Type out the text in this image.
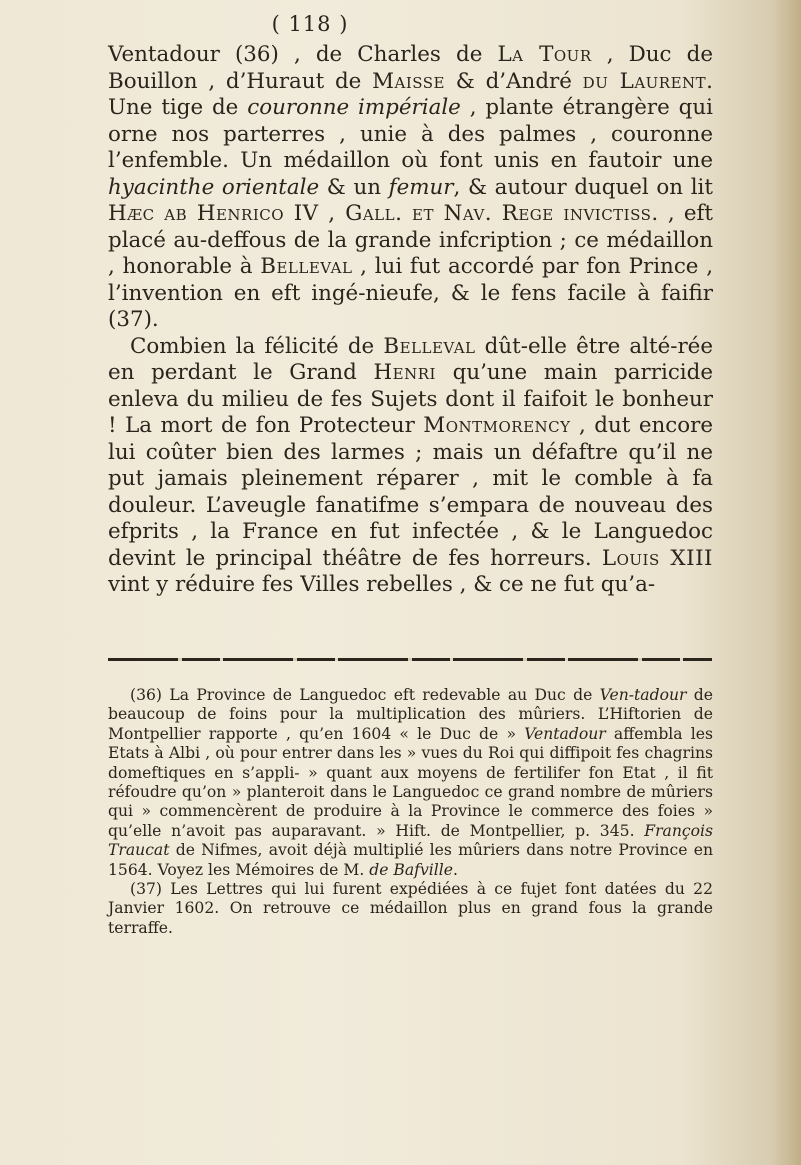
( 118 )

Ventadour (36) , de Charles de La Tour , Duc de Bouillon , d’Huraut de Maisse & d’André du Laurent. Une tige de couronne impériale , plante étrangère qui orne nos parterres , unie à des palmes , couronne l’enfemble. Un médaillon où font unis en fautoir une hyacinthe orientale & un femur, & autour duquel on lit Hæc ab Henrico IV , Gall. et Nav. Rege invictiss. , eft placé au-deffous de la grande infcription ; ce médaillon , honorable à Belleval , lui fut accordé par fon Prince , l’invention en eft ingé-nieufe, & le fens facile à faifir (37).

Combien la félicité de Belleval dût-elle être alté-rée en perdant le Grand Henri qu’une main parricide enleva du milieu de fes Sujets dont il faifoit le bonheur ! La mort de fon Protecteur Montmorency , dut encore lui coûter bien des larmes ; mais un défaftre qu’il ne put jamais pleinement réparer , mit le comble à fa douleur. L’aveugle fanatifme s’empara de nouveau des efprits , la France en fut infectée , & le Languedoc devint le principal théâtre de fes horreurs. Louis XIII vint y réduire fes Villes rebelles , & ce ne fut qu’a-

(36) La Province de Languedoc eft redevable au Duc de Ven-tadour de beaucoup de foins pour la multiplication des mûriers. L’Hiftorien de Montpellier rapporte , qu’en 1604 « le Duc de » Ventadour affembla les Etats à Albi , où pour entrer dans les » vues du Roi qui diffipoit fes chagrins domeftiques en s’appli- » quant aux moyens de fertilifer fon Etat , il fit réfoudre qu’on » planteroit dans le Languedoc ce grand nombre de mûriers qui » commencèrent de produire à la Province le commerce des foies » qu’elle n’avoit pas auparavant. » Hift. de Montpellier, p. 345. François Traucat de Nifmes, avoit déjà multiplié les mûriers dans notre Province en 1564. Voyez les Mémoires de M. de Bafville.

(37) Les Lettres qui lui furent expédiées à ce fujet font datées du 22 Janvier 1602. On retrouve ce médaillon plus en grand fous la grande terraffe.
